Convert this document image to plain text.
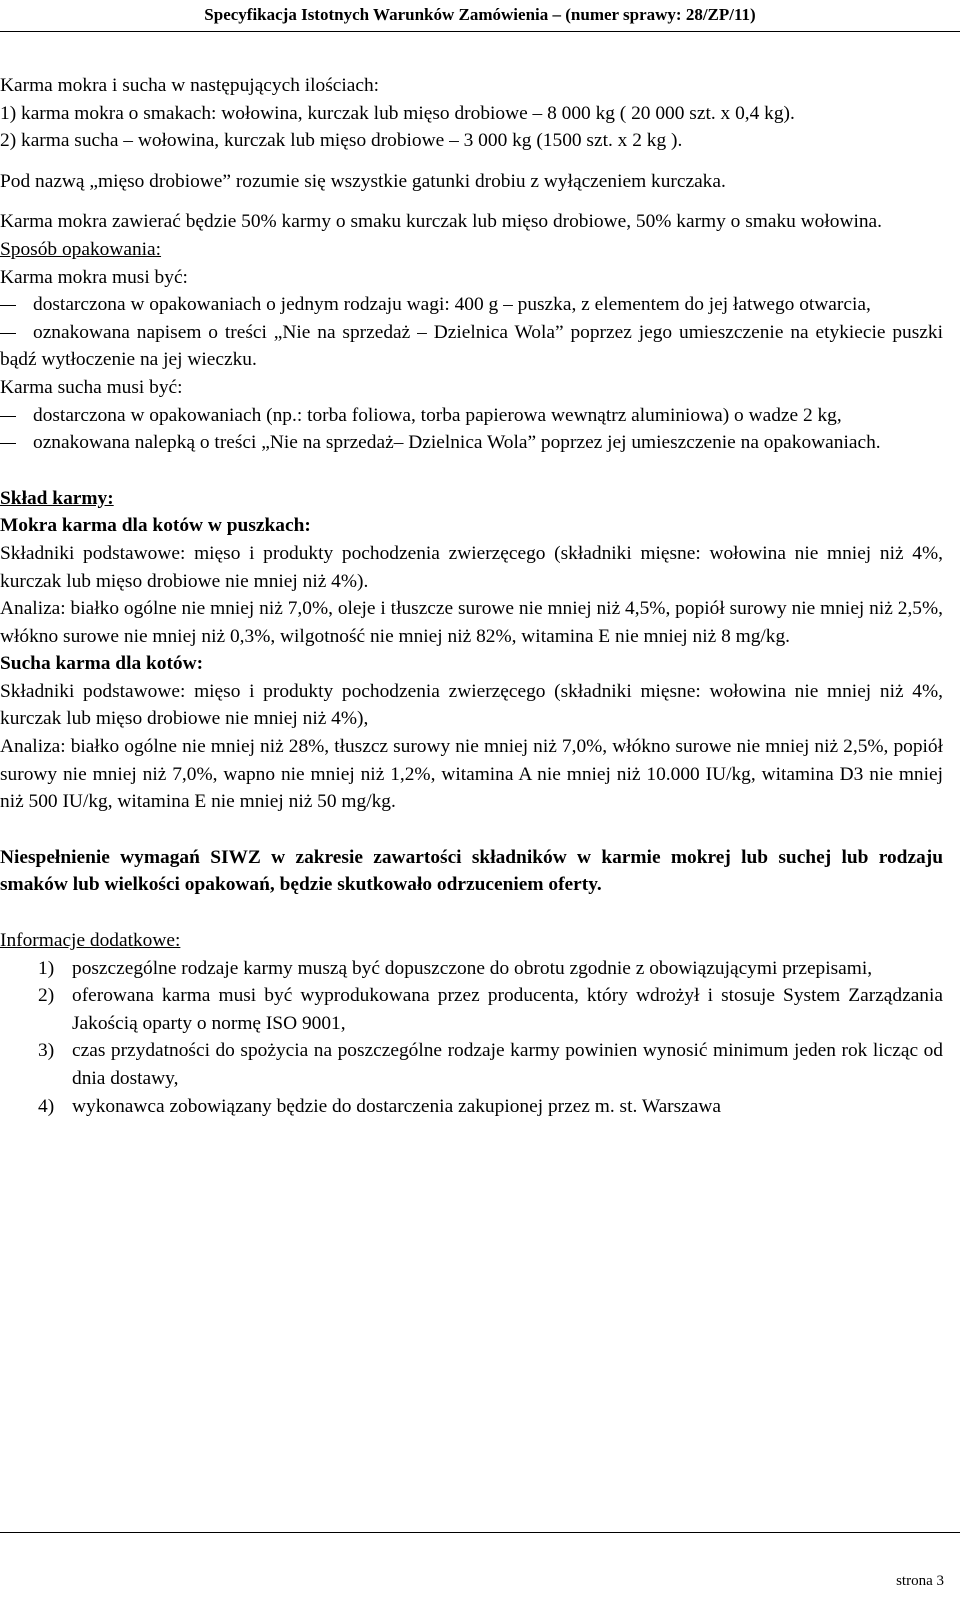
Specyfikacja Istotnych Warunków Zamówienia – (numer sprawy: 28/ZP/11)

Karma mokra i sucha w następujących ilościach:

1) karma mokra o smakach: wołowina, kurczak lub mięso drobiowe – 8 000 kg ( 20 000 szt. x 0,4 kg).

2) karma sucha – wołowina, kurczak lub mięso drobiowe – 3 000 kg (1500 szt. x 2 kg ).

Pod nazwą „mięso drobiowe” rozumie się wszystkie gatunki drobiu z wyłączeniem kurczaka.

Karma mokra zawierać będzie 50% karmy o smaku kurczak lub mięso drobiowe, 50% karmy o smaku wołowina.

Sposób opakowania:

Karma mokra musi być:

dostarczona w opakowaniach o jednym rodzaju wagi: 400 g – puszka, z elementem do jej łatwego otwarcia,

oznakowana napisem o treści „Nie na sprzedaż – Dzielnica Wola” poprzez jego umieszczenie na etykiecie puszki bądź wytłoczenie na jej wieczku.

Karma sucha musi być:

dostarczona w opakowaniach (np.: torba foliowa, torba papierowa wewnątrz aluminiowa) o wadze 2 kg,

oznakowana nalepką o treści „Nie na sprzedaż– Dzielnica Wola” poprzez jej umieszczenie na opakowaniach.

Skład karmy:

Mokra karma dla kotów w puszkach:

Składniki podstawowe: mięso i produkty pochodzenia zwierzęcego (składniki mięsne: wołowina nie mniej niż 4%, kurczak lub mięso drobiowe nie mniej niż 4%).

Analiza: białko ogólne nie mniej niż 7,0%, oleje i tłuszcze surowe nie mniej niż 4,5%, popiół surowy nie mniej niż 2,5%, włókno surowe nie mniej niż 0,3%, wilgotność nie mniej niż 82%, witamina E nie mniej niż 8 mg/kg.

Sucha karma dla kotów:

Składniki podstawowe: mięso i produkty pochodzenia zwierzęcego (składniki mięsne: wołowina nie mniej niż 4%, kurczak lub mięso drobiowe nie mniej niż 4%),

Analiza: białko ogólne nie mniej niż 28%, tłuszcz surowy nie mniej niż 7,0%, włókno surowe nie mniej niż 2,5%, popiół surowy nie mniej niż 7,0%, wapno nie mniej niż 1,2%, witamina A nie mniej niż 10.000 IU/kg, witamina D3 nie mniej niż 500 IU/kg, witamina E nie mniej niż 50 mg/kg.

Niespełnienie wymagań SIWZ w zakresie zawartości składników w karmie mokrej lub suchej lub rodzaju smaków lub wielkości opakowań, będzie skutkowało odrzuceniem oferty.

Informacje dodatkowe:

1) poszczególne rodzaje karmy muszą być dopuszczone do obrotu zgodnie z obowiązującymi przepisami,
2) oferowana karma musi być wyprodukowana przez producenta, który wdrożył i stosuje System Zarządzania Jakością oparty o normę ISO 9001,
3) czas przydatności do spożycia na poszczególne rodzaje karmy powinien wynosić minimum jeden rok licząc od dnia dostawy,
4) wykonawca zobowiązany będzie do dostarczenia zakupionej przez m. st. Warszawa
strona 3
